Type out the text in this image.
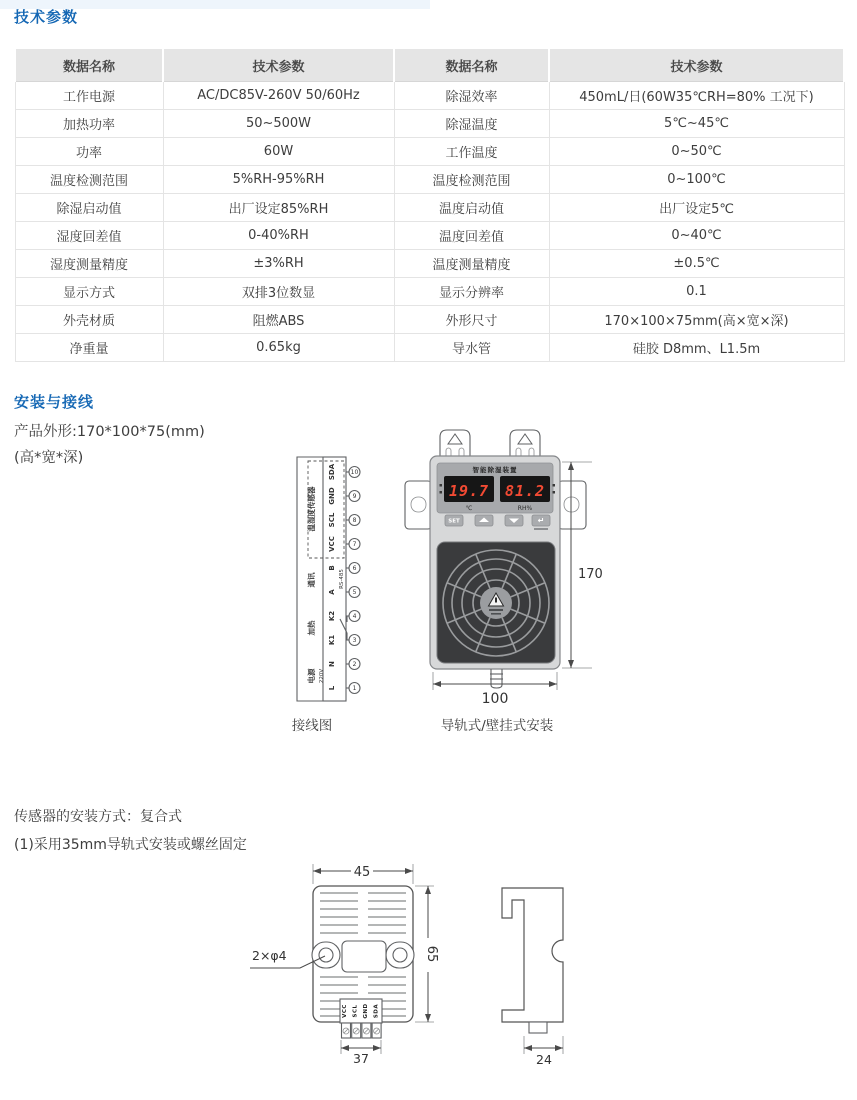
技术参数
数据名称	技术参数	数据名称	技术参数
工作电源	AC/DC85V-260V 50/60Hz	除湿效率	450mL/日(60W35℃RH=80% 工况下)
加热功率	50~500W	除湿温度	5℃~45℃
功率	60W	工作温度	0~50℃
温度检测范围	5%RH-95%RH	温度检测范围	0~100℃
除湿启动值	出厂设定85%RH	温度启动值	出厂设定5℃
湿度回差值	0-40%RH	温度回差值	0~40℃
湿度测量精度	±3%RH	温度测量精度	±0.5℃
显示方式	双排3位数显	显示分辨率	0.1
外壳材质	阻燃ABS	外形尺寸	170×100×75mm(高×宽×深)
净重量	0.65kg	导水管	硅胶 D8mm、L1.5m
安装与接线
产品外形:170*100*75(mm)
(高*宽*深)
传感器的安装方式：复合式
(1)采用35mm导轨式安装或螺丝固定
1
L
2
N
3
K1
4
K2
5
A
6
B
7
VCC
8
SCL
9
GND
10
SDA
温湿度传感器
通讯	RS-485
加热
电源 220V
接线图
智能除湿装置
19.7 81.2
℃	RH%
SET	↵
170
100
导轨式/壁挂式安装
45
2×φ4	65
VCC SCL GND SDA
37	24
